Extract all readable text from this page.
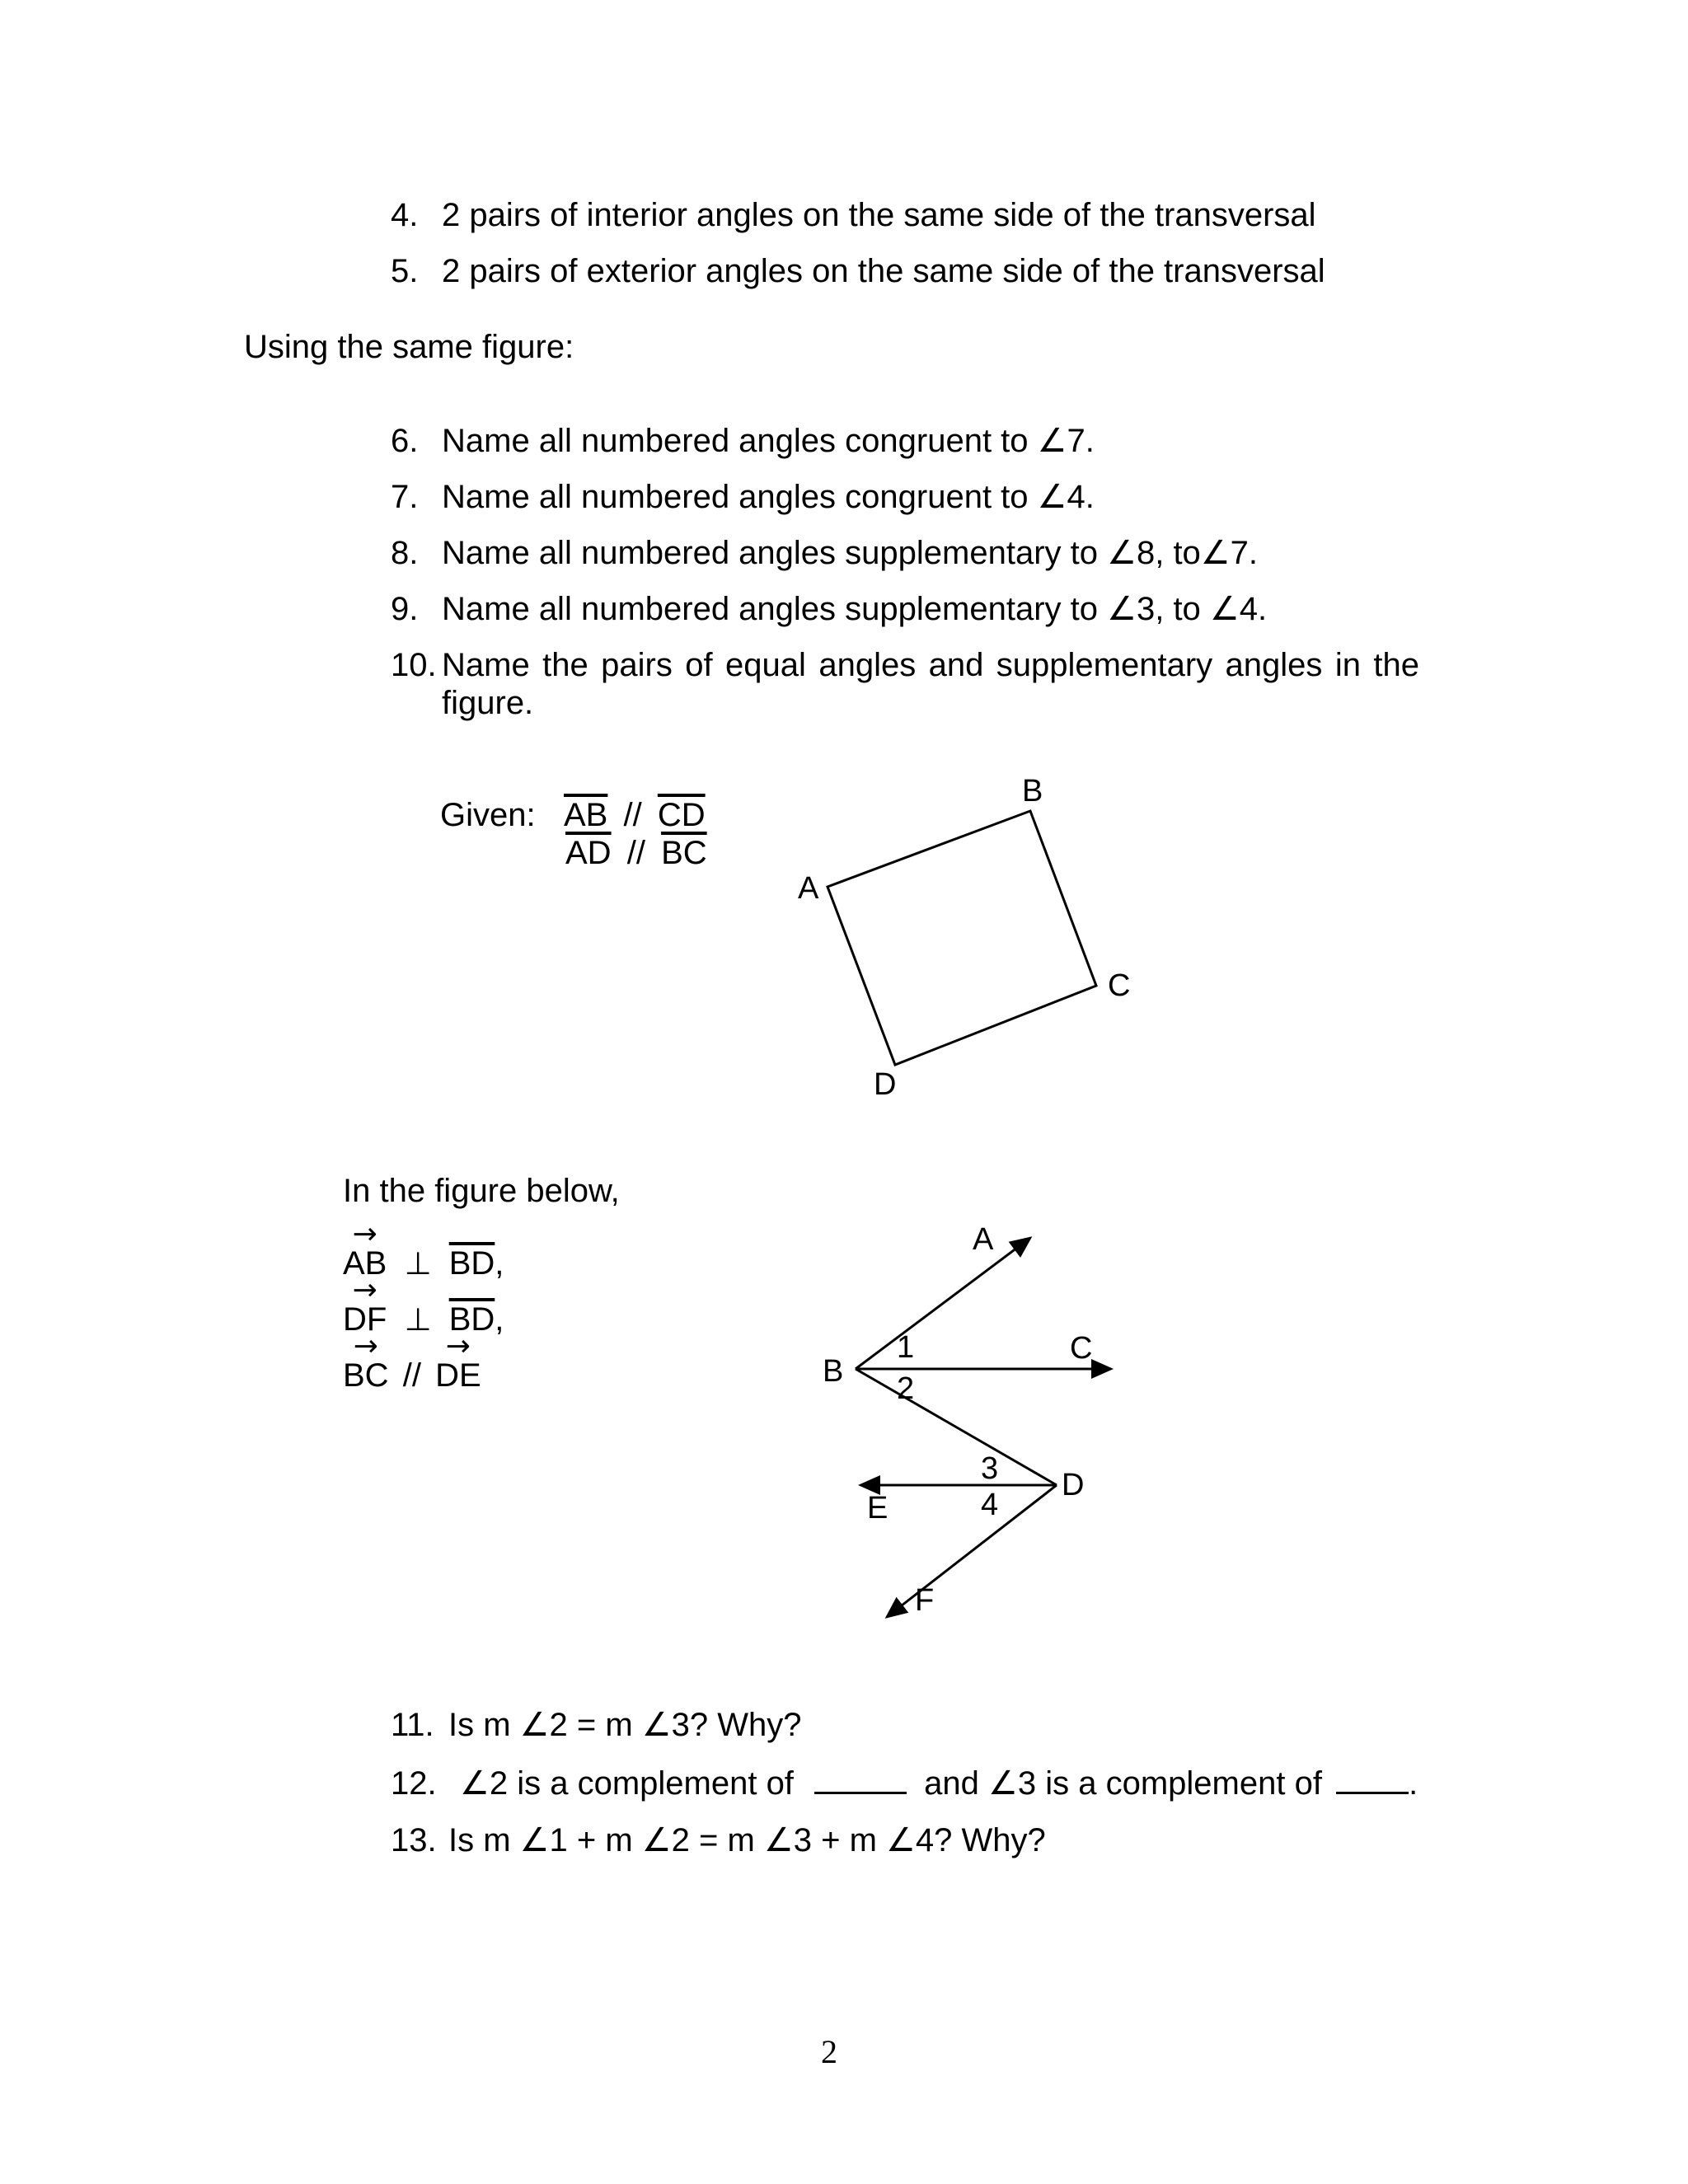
4. 2 pairs of interior angles on the same side of the transversal
5. 2 pairs of exterior angles on the same side of the transversal
Using the same figure:
6. Name all numbered angles congruent to ∠7.
7. Name all numbered angles congruent to ∠4.
8. Name all numbered angles supplementary to ∠8, to∠7.
9. Name all numbered angles supplementary to ∠3, to ∠4.
10. Name the pairs of equal angles and supplementary angles in the
figure.
Given: $\overline{AB} // \overline{CD}$
$\overline{AD} // \overline{BC}$
A
B
C
D
In the figure below,
→ AB ⊥ $\overline{BD}$,
→ DF ⊥ $\overline{BD}$,
→ BC // → DE
A
B
C
D
E
F
1
2
3
4
11. Is m ∠2 = m ∠3? Why?
12. ∠2 is a complement of	and ∠3 is a complement of	.
13. Is m ∠1 + m ∠2 = m ∠3 + m ∠4? Why?
2
